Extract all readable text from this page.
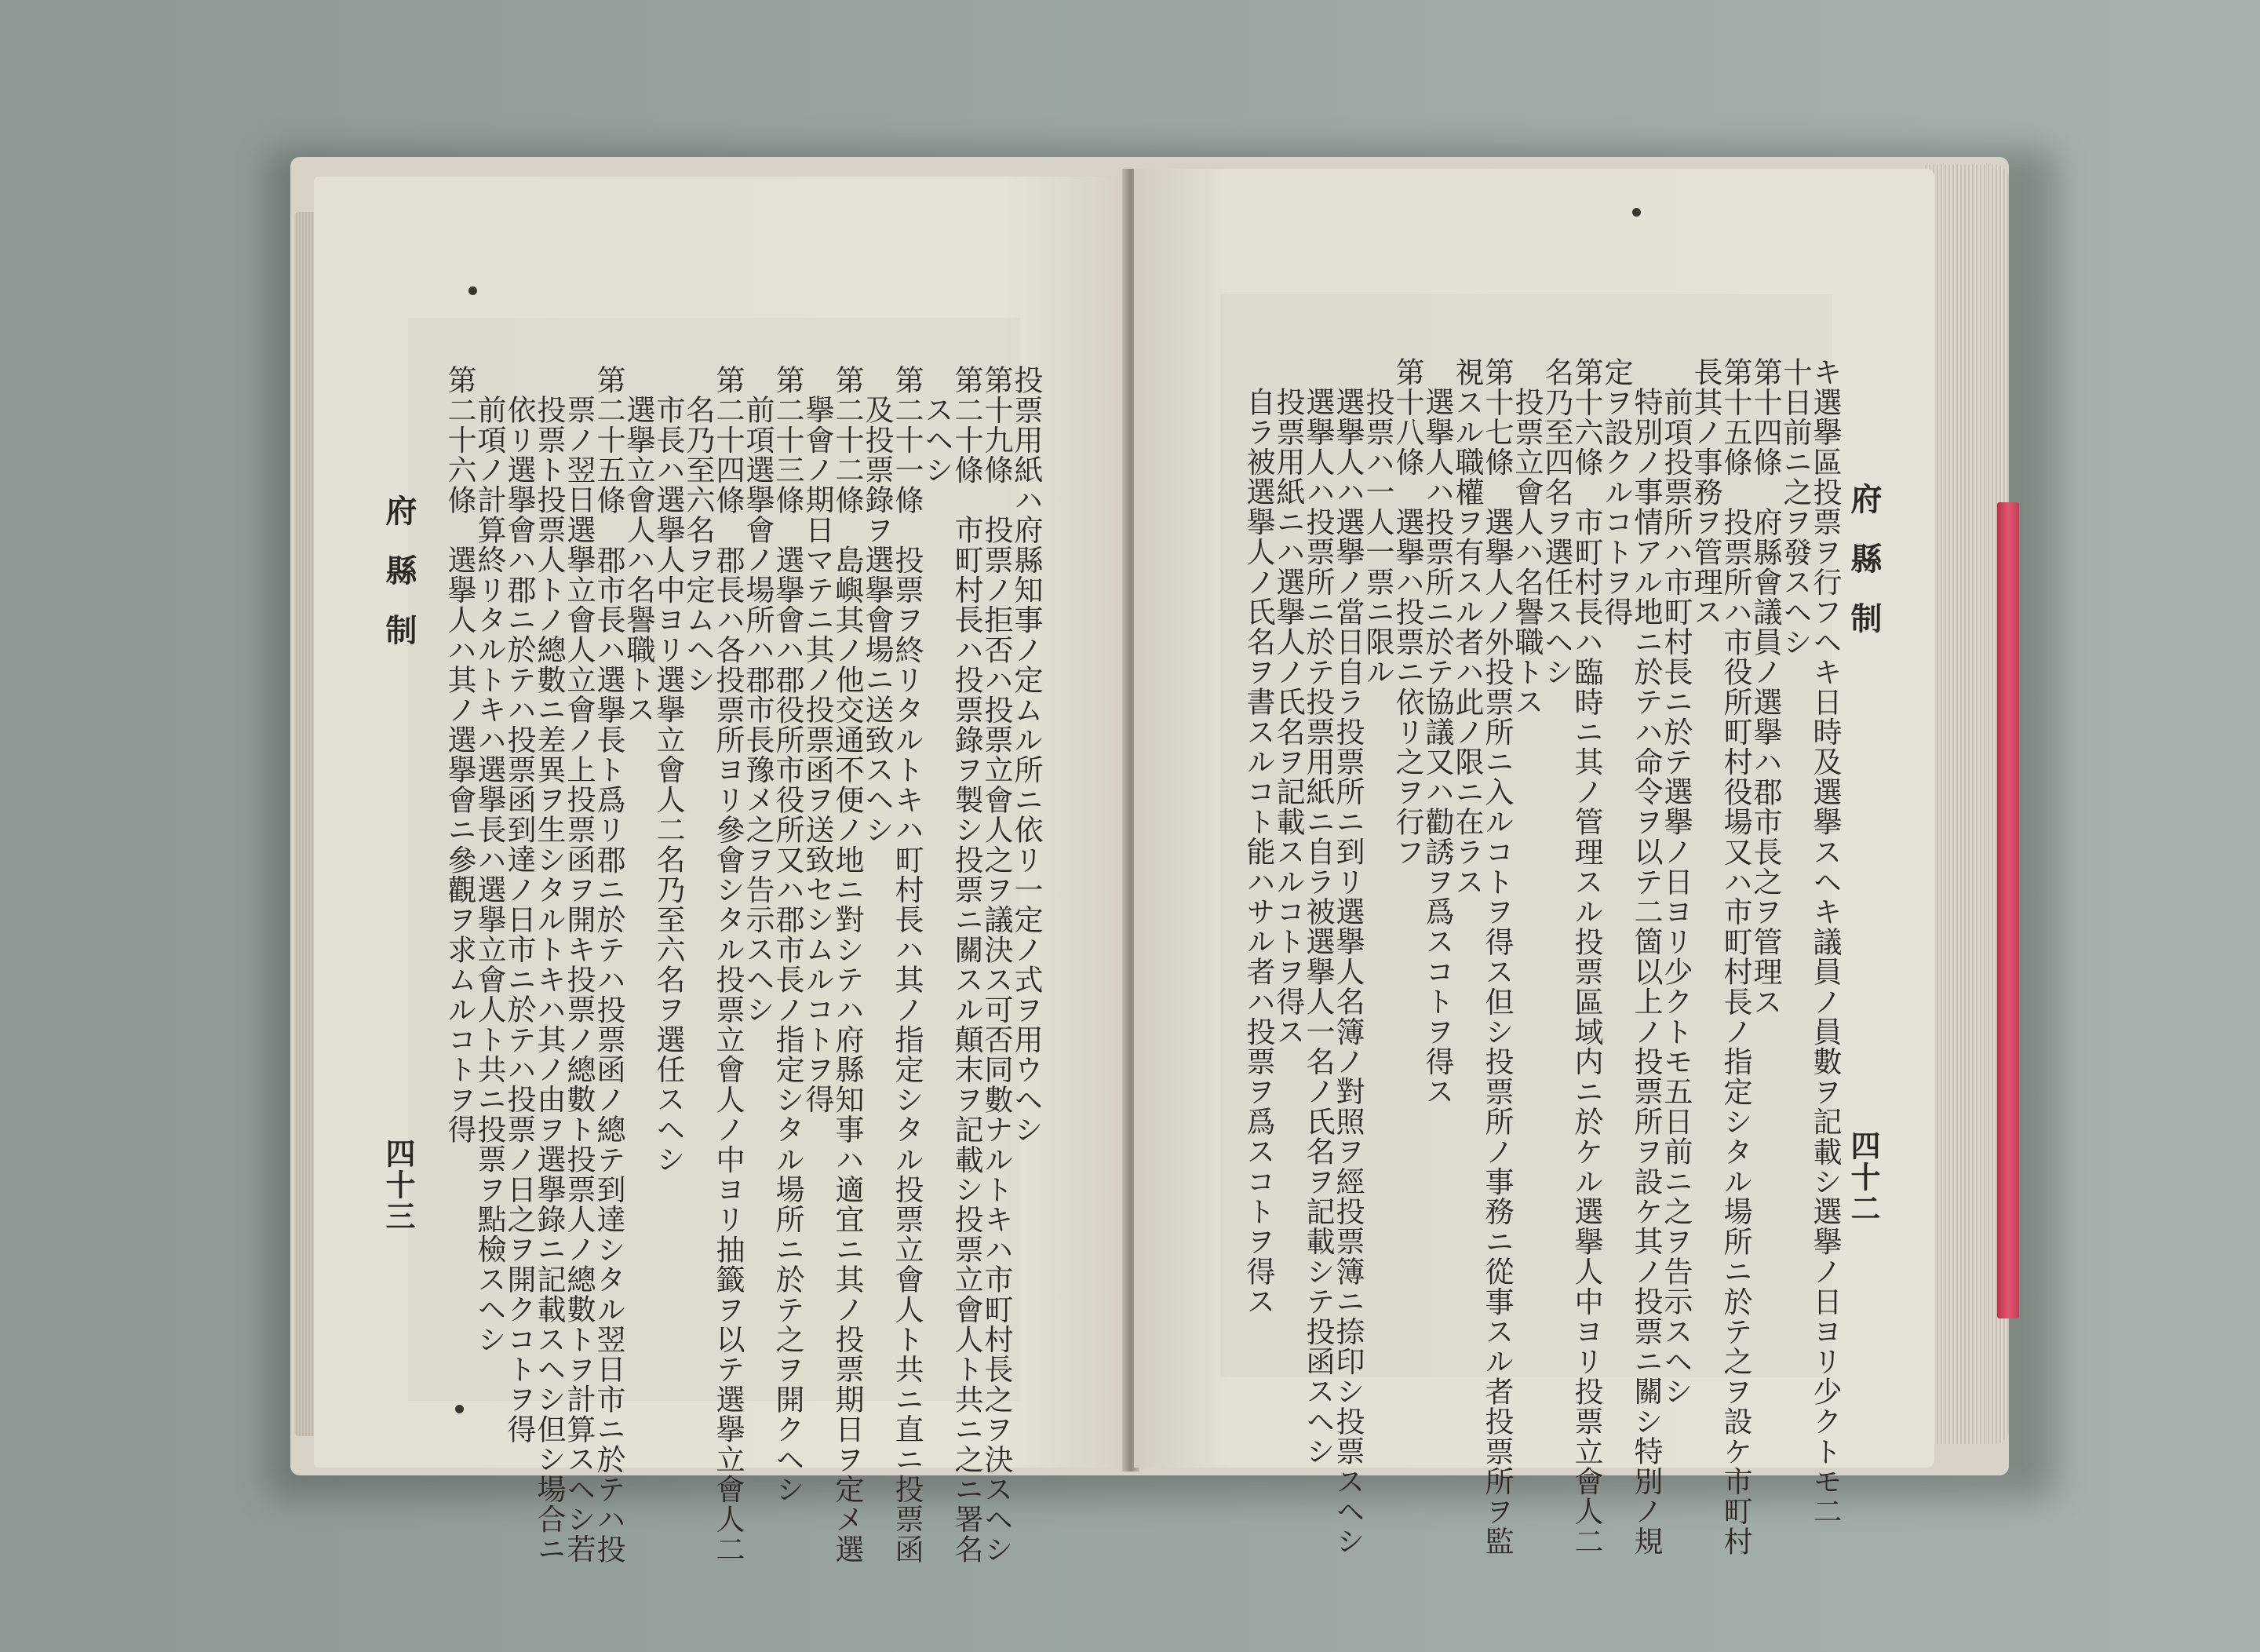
府縣制
四十三
投票用紙ハ府縣知事ノ定ムル所ニ依リ一定ノ式ヲ用ウヘシ
第十九條　投票ノ拒否ハ投票立會人之ヲ議決ス可否同數ナルトキハ市町村長之ヲ決スヘシ
第二十條　市町村長ハ投票錄ヲ製シ投票ニ關スル顛末ヲ記載シ投票立會人ト共ニ之ニ署名
スヘシ
第二十一條　投票ヲ終リタルトキハ町村長ハ其ノ指定シタル投票立會人ト共ニ直ニ投票函
及投票錄ヲ選擧會場ニ送致スヘシ
第二十二條　島嶼其ノ他交通不便ノ地ニ對シテハ府縣知事ハ適宜ニ其ノ投票期日ヲ定メ選
擧會ノ期日マテニ其ノ投票函ヲ送致セシムルコトヲ得
第二十三條　選擧會ハ郡役所市役所又ハ郡市長ノ指定シタル場所ニ於テ之ヲ開クヘシ
前項選擧會ノ場所ハ郡市長豫メ之ヲ告示スヘシ
第二十四條　郡長ハ各投票所ヨリ參會シタル投票立會人ノ中ヨリ抽籤ヲ以テ選擧立會人二
名乃至六名ヲ定ムヘシ
市長ハ選擧人中ヨリ選擧立會人二名乃至六名ヲ選任スヘシ
選擧立會人ハ名譽職トス
第二十五條　郡市長ハ選擧長ト爲リ郡ニ於テハ投票函ノ總テ到達シタル翌日市ニ於テハ投
票ノ翌日選擧立會人立會ノ上投票函ヲ開キ投票ノ總數ト投票人ノ總數トヲ計算スヘシ若
投票ト投票人トノ總數ニ差異ヲ生シタルトキハ其ノ由ヲ選擧錄ニ記載スヘシ但シ場合ニ
依リ選擧會ハ郡ニ於テハ投票函到達ノ日市ニ於テハ投票ノ日之ヲ開クコトヲ得
前項ノ計算終リタルトキハ選擧長ハ選擧立會人ト共ニ投票ヲ點檢スヘシ
第二十六條　選擧人ハ其ノ選擧會ニ參觀ヲ求ムルコトヲ得	府縣制
四十二
キ選擧區投票ヲ行フヘキ日時及選擧スヘキ議員ノ員數ヲ記載シ選擧ノ日ヨリ少クトモ二
十日前ニ之ヲ發スヘシ
第十四條　府縣會議員ノ選擧ハ郡市長之ヲ管理ス
第十五條　投票所ハ市役所町村役場又ハ市町村長ノ指定シタル場所ニ於テ之ヲ設ケ市町村
長其ノ事務ヲ管理ス
前項投票所ハ市町村長ニ於テ選擧ノ日ヨリ少クトモ五日前ニ之ヲ告示スヘシ
特別ノ事情アル地ニ於テハ命令ヲ以テ二箇以上ノ投票所ヲ設ケ其ノ投票ニ關シ特別ノ規
定ヲ設クルコトヲ得
第十六條　市町村長ハ臨時ニ其ノ管理スル投票區域内ニ於ケル選擧人中ヨリ投票立會人二
名乃至四名ヲ選任スヘシ
投票立會人ハ名譽職トス
第十七條　選擧人ノ外投票所ニ入ルコトヲ得ス但シ投票所ノ事務ニ從事スル者投票所ヲ監
視スル職權ヲ有スル者ハ此ノ限ニ在ラス
選擧人ハ投票所ニ於テ協議又ハ勸誘ヲ爲スコトヲ得ス
第十八條　選擧ハ投票ニ依リ之ヲ行フ
投票ハ一人一票ニ限ル
選擧人ハ選擧ノ當日自ラ投票所ニ到リ選擧人名簿ノ對照ヲ經投票簿ニ捺印シ投票スヘシ
選擧人ハ投票所ニ於テ投票用紙ニ自ラ被選擧人一名ノ氏名ヲ記載シテ投函スヘシ
投票用紙ニハ選擧人ノ氏名ヲ記載スルコトヲ得ス
自ラ被選擧人ノ氏名ヲ書スルコト能ハサル者ハ投票ヲ爲スコトヲ得ス
